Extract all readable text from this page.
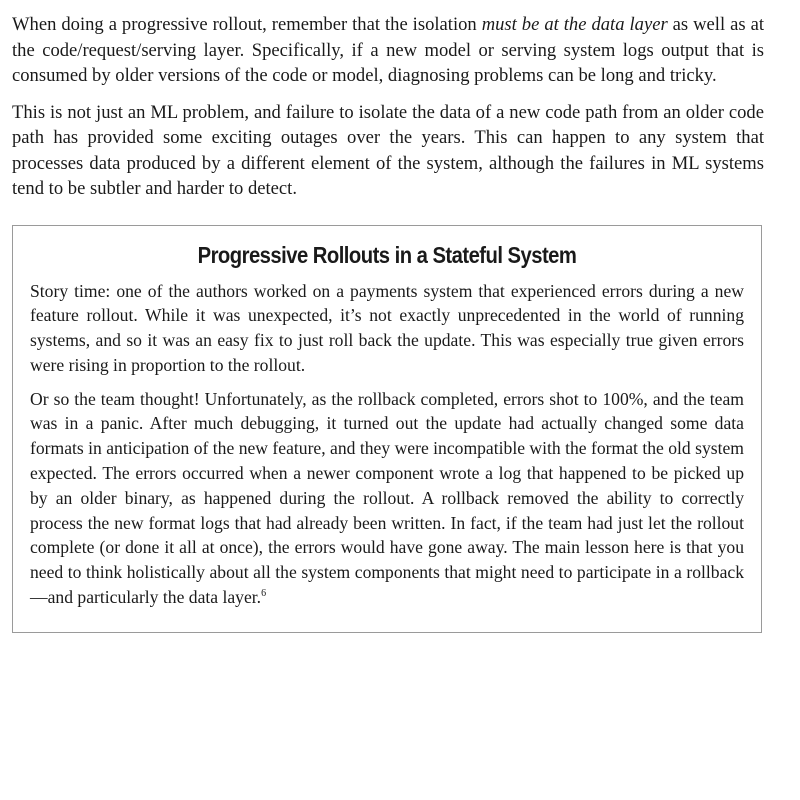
When doing a progressive rollout, remember that the isolation must be at the data layer as well as at the code/request/serving layer. Specifically, if a new model or serving system logs output that is consumed by older versions of the code or model, diagnosing problems can be long and tricky.

This is not just an ML problem, and failure to isolate the data of a new code path from an older code path has provided some exciting outages over the years. This can happen to any system that processes data produced by a different element of the system, although the failures in ML systems tend to be subtler and harder to detect.

Progressive Rollouts in a Stateful System

Story time: one of the authors worked on a payments system that experienced errors during a new feature rollout. While it was unexpected, it’s not exactly unprecedented in the world of running systems, and so it was an easy fix to just roll back the update. This was especially true given errors were rising in proportion to the rollout.

Or so the team thought! Unfortunately, as the rollback completed, errors shot to 100%, and the team was in a panic. After much debugging, it turned out the update had actually changed some data formats in anticipation of the new feature, and they were incompatible with the format the old system expected. The errors occurred when a newer component wrote a log that happened to be picked up by an older binary, as happened during the rollout. A rollback removed the ability to correctly process the new format logs that had already been written. In fact, if the team had just let the rollout complete (or done it all at once), the errors would have gone away. The main lesson here is that you need to think holistically about all the system components that might need to participate in a rollback—and particularly the data layer.$^6$
